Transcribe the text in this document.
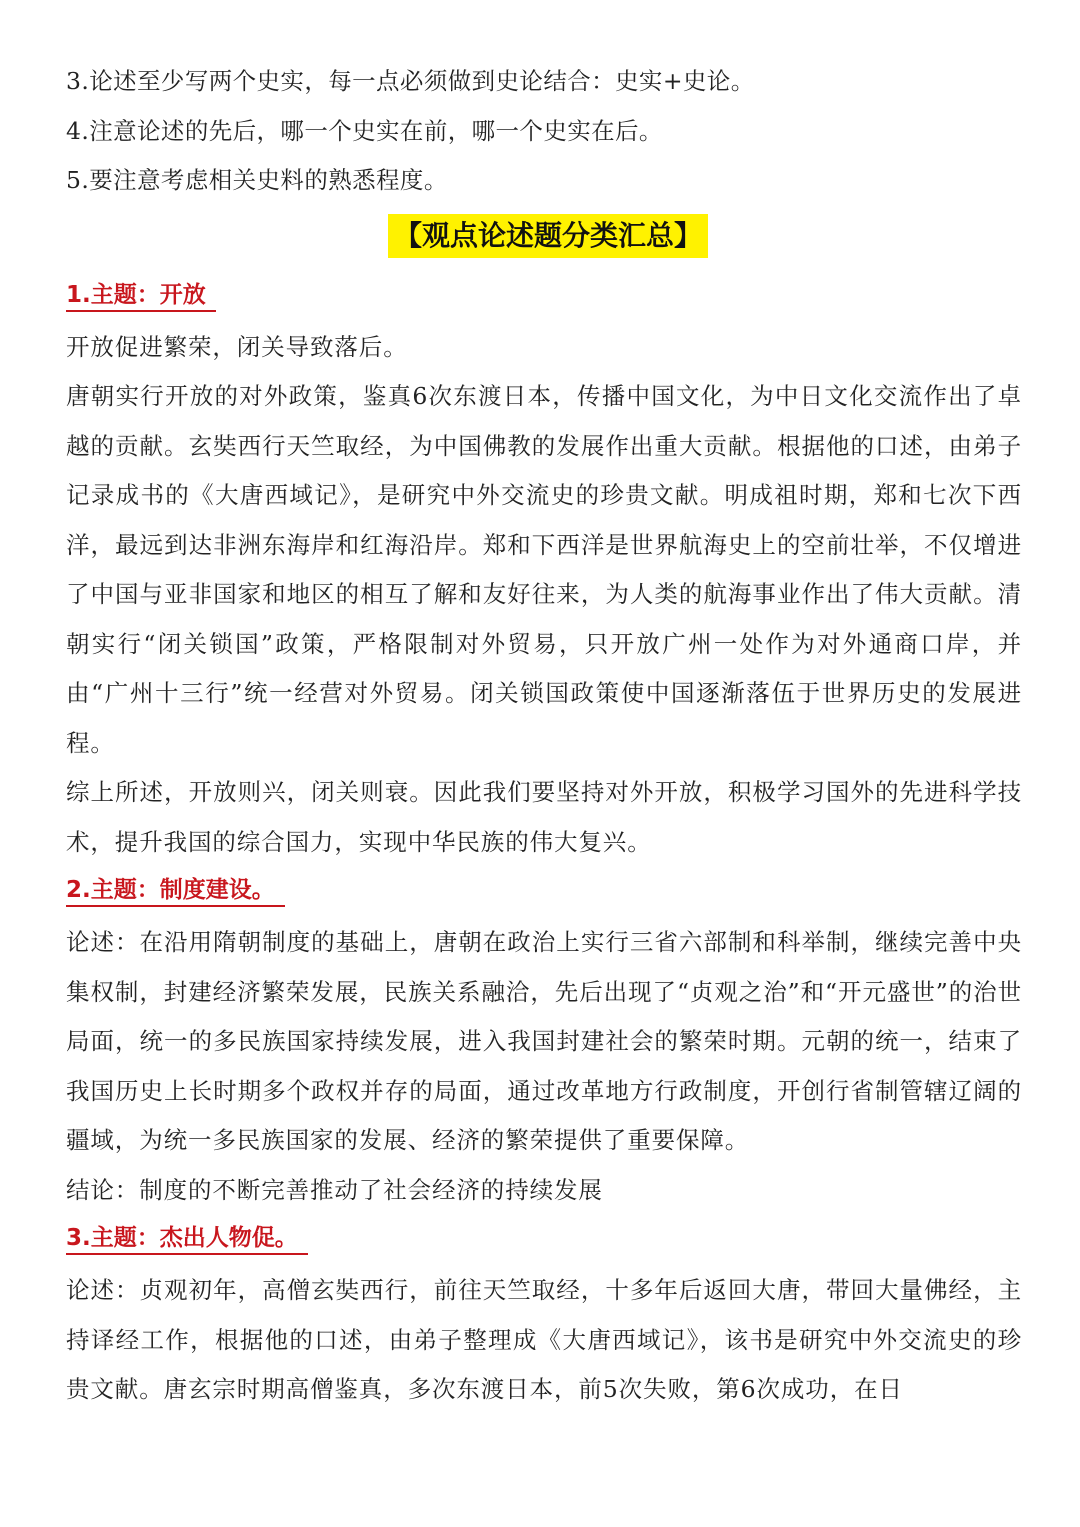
3.论述至少写两个史实，每一点必须做到史论结合：史实+史论。

4.注意论述的先后，哪一个史实在前，哪一个史实在后。

5.要注意考虑相关史料的熟悉程度。

【观点论述题分类汇总】
1.主题：开放

开放促进繁荣，闭关导致落后。

唐朝实行开放的对外政策，鉴真6次东渡日本，传播中国文化，为中日文化交流作出了卓越的贡献。玄奘西行天竺取经，为中国佛教的发展作出重大贡献。根据他的口述，由弟子记录成书的《大唐西域记》，是研究中外交流史的珍贵文献。明成祖时期，郑和七次下西洋，最远到达非洲东海岸和红海沿岸。郑和下西洋是世界航海史上的空前壮举，不仅增进了中国与亚非国家和地区的相互了解和友好往来，为人类的航海事业作出了伟大贡献。清朝实行“闭关锁国”政策，严格限制对外贸易，只开放广州一处作为对外通商口岸，并由“广州十三行”统一经营对外贸易。闭关锁国政策使中国逐渐落伍于世界历史的发展进程。

综上所述，开放则兴，闭关则衰。因此我们要坚持对外开放，积极学习国外的先进科学技术，提升我国的综合国力，实现中华民族的伟大复兴。

2.主题：制度建设。

论述：在沿用隋朝制度的基础上，唐朝在政治上实行三省六部制和科举制，继续完善中央集权制，封建经济繁荣发展，民族关系融洽，先后出现了“贞观之治”和“开元盛世”的治世局面，统一的多民族国家持续发展，进入我国封建社会的繁荣时期。元朝的统一，结束了我国历史上长时期多个政权并存的局面，通过改革地方行政制度，开创行省制管辖辽阔的疆域，为统一多民族国家的发展、经济的繁荣提供了重要保障。

结论：制度的不断完善推动了社会经济的持续发展

3.主题：杰出人物促。

论述：贞观初年，高僧玄奘西行，前往天竺取经，十多年后返回大唐，带回大量佛经，主持译经工作，根据他的口述，由弟子整理成《大唐西域记》，该书是研究中外交流史的珍贵文献。唐玄宗时期高僧鉴真，多次东渡日本，前5次失败，第6次成功，在日
